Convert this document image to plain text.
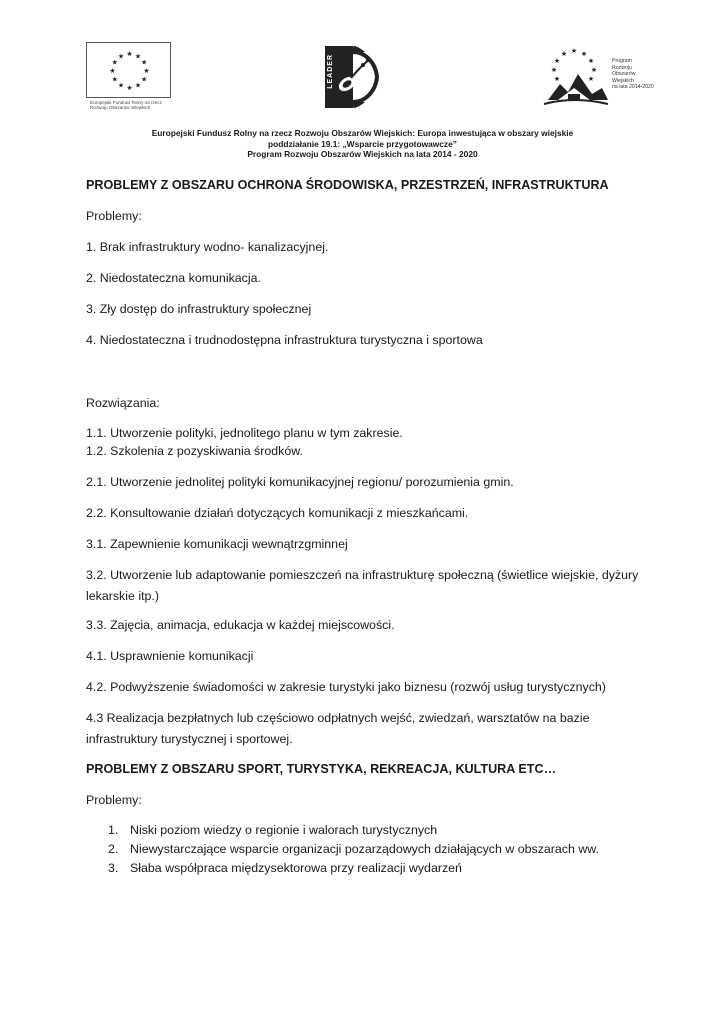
★ ★
★
★
★
★
★
★
★
★
★
★
Europejski Fundusz Rolny na rzecz Rozwoju Obszarów Wiejskich
LEADER
★ ★
★
★
★
★
★
★
★
Program
Rozwoju
Obszarów
Wiejskich
na lata 2014-2020
Europejski Fundusz Rolny na rzecz Rozwoju Obszarów Wiejskich: Europa inwestująca w obszary wiejskie
poddziałanie 19.1: „Wsparcie przygotowawcze”
Program Rozwoju Obszarów Wiejskich na lata 2014 - 2020
PROBLEMY Z OBSZARU OCHRONA ŚRODOWISKA, PRZESTRZEŃ, INFRASTRUKTURA
Problemy:
1. Brak infrastruktury wodno- kanalizacyjnej.
2. Niedostateczna komunikacja.
3. Zły dostęp do infrastruktury społecznej
4. Niedostateczna i trudnodostępna infrastruktura turystyczna i sportowa
Rozwiązania:
1.1. Utworzenie polityki, jednolitego planu w tym zakresie.
1.2. Szkolenia z pozyskiwania środków.
2.1. Utworzenie jednolitej polityki komunikacyjnej regionu/ porozumienia gmin.
2.2. Konsultowanie działań dotyczących komunikacji z mieszkańcami.
3.1. Zapewnienie komunikacji wewnątrzgminnej
3.2. Utworzenie lub adaptowanie pomieszczeń na infrastrukturę społeczną (świetlice wiejskie, dyżury lekarskie itp.)
3.3. Zajęcia, animacja, edukacja w każdej miejscowości.
4.1. Usprawnienie komunikacji
4.2. Podwyższenie świadomości w zakresie turystyki jako biznesu (rozwój usług turystycznych)
4.3 Realizacja bezpłatnych lub częściowo odpłatnych wejść, zwiedzań, warsztatów na bazie infrastruktury turystycznej i sportowej.
PROBLEMY Z OBSZARU SPORT, TURYSTYKA, REKREACJA, KULTURA ETC…
Problemy:
1. Niski poziom wiedzy o regionie i walorach turystycznych
2. Niewystarczające wsparcie organizacji pozarządowych działających w obszarach ww.
3. Słaba współpraca międzysektorowa przy realizacji wydarzeń
